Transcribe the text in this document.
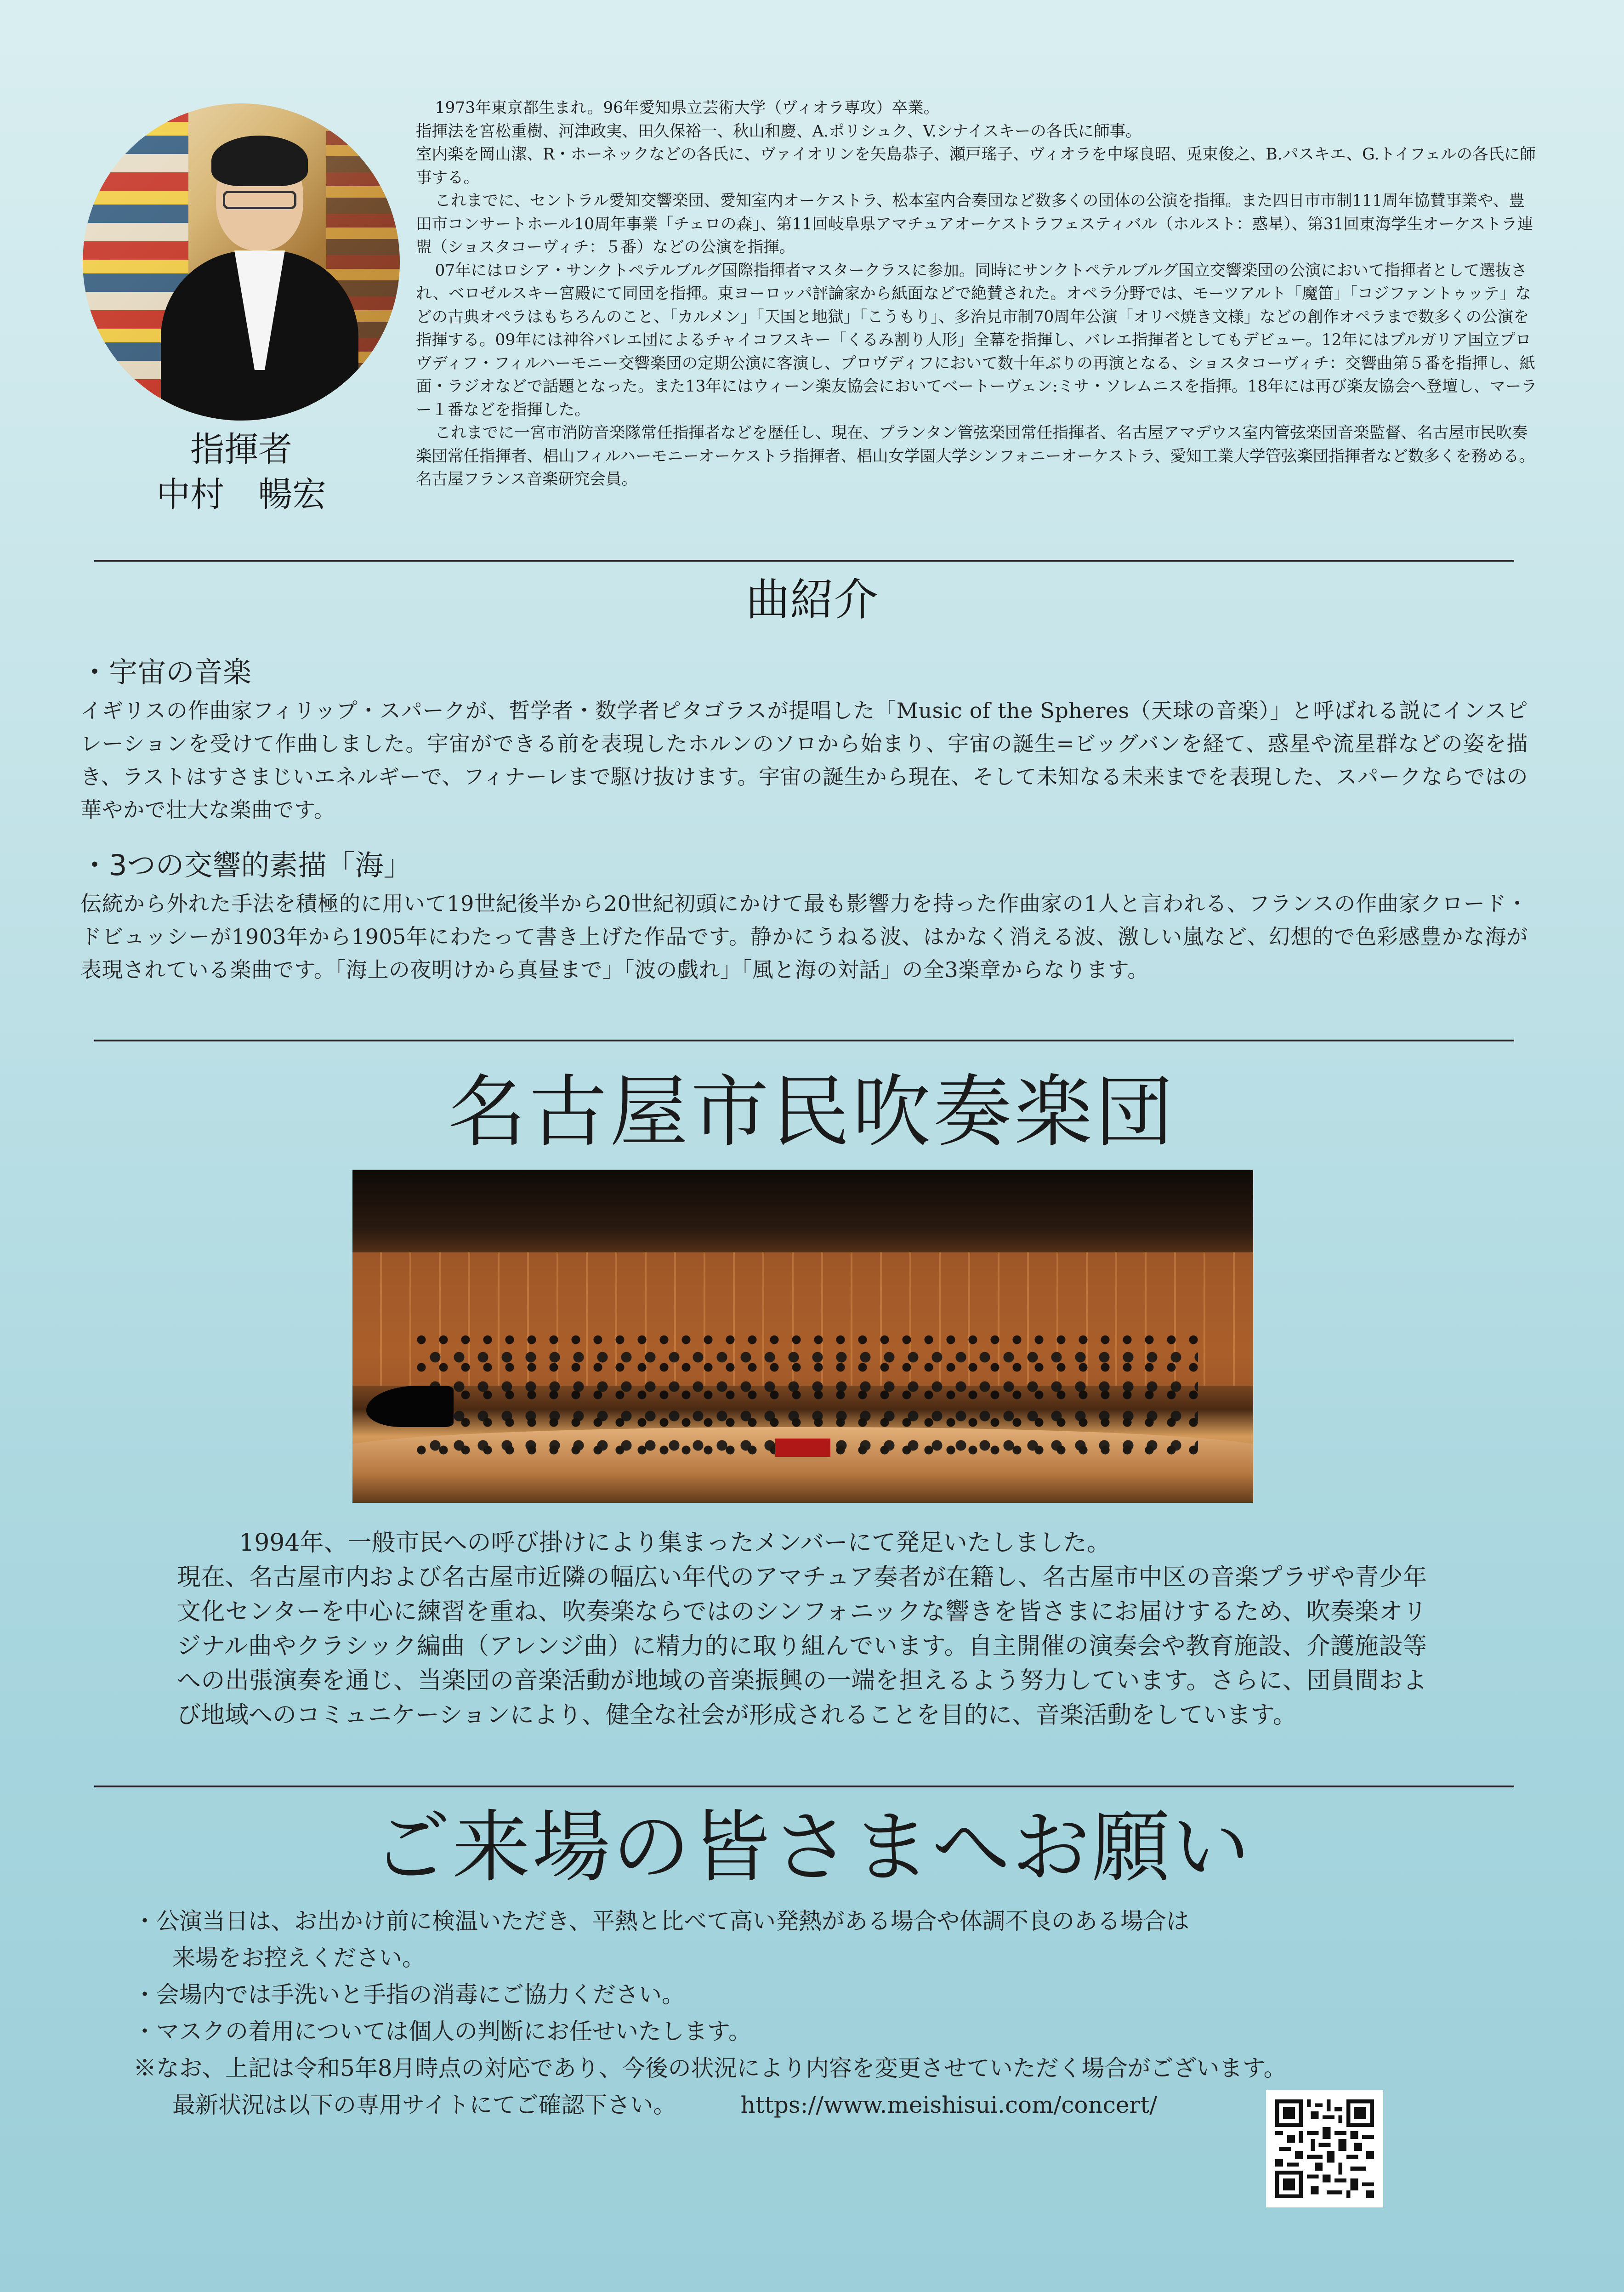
指揮者
中村　暢宏

1973年東京都生まれ。96年愛知県立芸術大学（ヴィオラ専攻）卒業。

指揮法を宮松重樹、河津政実、田久保裕一、秋山和慶、A.ポリシュク、V.シナイスキーの各氏に師事。

室内楽を岡山潔、R・ホーネックなどの各氏に、ヴァイオリンを矢島恭子、瀬戸瑤子、ヴィオラを中塚良昭、兎束俊之、B.パスキエ、G.トイフェルの各氏に師事する。

これまでに、セントラル愛知交響楽団、愛知室内オーケストラ、松本室内合奏団など数多くの団体の公演を指揮。また四日市市制111周年協賛事業や、豊田市コンサートホール10周年事業「チェロの森」、第11回岐阜県アマチュアオーケストラフェスティバル（ホルスト：惑星）、第31回東海学生オーケストラ連盟（ショスタコーヴィチ：５番）などの公演を指揮。

07年にはロシア・サンクトペテルブルグ国際指揮者マスタークラスに参加。同時にサンクトペテルブルグ国立交響楽団の公演において指揮者として選抜され、ベロゼルスキー宮殿にて同団を指揮。東ヨーロッパ評論家から紙面などで絶賛された。オペラ分野では、モーツアルト「魔笛」「コジファントゥッテ」などの古典オペラはもちろんのこと、「カルメン」「天国と地獄」「こうもり」、多治見市制70周年公演「オリベ焼き文様」などの創作オペラまで数多くの公演を指揮する。09年には神谷バレエ団によるチャイコフスキー「くるみ割り人形」全幕を指揮し、バレエ指揮者としてもデビュー。12年にはブルガリア国立プロヴディフ・フィルハーモニー交響楽団の定期公演に客演し、プロヴディフにおいて数十年ぶりの再演となる、ショスタコーヴィチ：交響曲第５番を指揮し、紙面・ラジオなどで話題となった。また13年にはウィーン楽友協会においてベートーヴェン:ミサ・ソレムニスを指揮。18年には再び楽友協会へ登壇し、マーラー１番などを指揮した。

これまでに一宮市消防音楽隊常任指揮者などを歴任し、現在、プランタン管弦楽団常任指揮者、名古屋アマデウス室内管弦楽団音楽監督、名古屋市民吹奏楽団常任指揮者、椙山フィルハーモニーオーケストラ指揮者、椙山女学園大学シンフォニーオーケストラ、愛知工業大学管弦楽団指揮者など数多くを務める。名古屋フランス音楽研究会員。

曲紹介
・宇宙の音楽

イギリスの作曲家フィリップ・スパークが、哲学者・数学者ピタゴラスが提唱した「Music of the Spheres（天球の音楽）」と呼ばれる説にインスピレーションを受けて作曲しました。宇宙ができる前を表現したホルンのソロから始まり、宇宙の誕生=ビッグバンを経て、惑星や流星群などの姿を描き、ラストはすさまじいエネルギーで、フィナーレまで駆け抜けます。宇宙の誕生から現在、そして未知なる未来までを表現した、スパークならではの華やかで壮大な楽曲です。

・3つの交響的素描「海」

伝統から外れた手法を積極的に用いて19世紀後半から20世紀初頭にかけて最も影響力を持った作曲家の1人と言われる、フランスの作曲家クロード・ドビュッシーが1903年から1905年にわたって書き上げた作品です。静かにうねる波、はかなく消える波、激しい嵐など、幻想的で色彩感豊かな海が表現されている楽曲です。「海上の夜明けから真昼まで」「波の戯れ」「風と海の対話」の全3楽章からなります。

名古屋市民吹奏楽団

1994年、一般市民への呼び掛けにより集まったメンバーにて発足いたしました。

現在、名古屋市内および名古屋市近隣の幅広い年代のアマチュア奏者が在籍し、名古屋市中区の音楽プラザや青少年文化センターを中心に練習を重ね、吹奏楽ならではのシンフォニックな響きを皆さまにお届けするため、吹奏楽オリジナル曲やクラシック編曲（アレンジ曲）に精力的に取り組んでいます。自主開催の演奏会や教育施設、介護施設等への出張演奏を通じ、当楽団の音楽活動が地域の音楽振興の一端を担えるよう努力しています。さらに、団員間および地域へのコミュニケーションにより、健全な社会が形成されることを目的に、音楽活動をしています。

ご来場の皆さまへお願い

・公演当日は、お出かけ前に検温いただき、平熱と比べて高い発熱がある場合や体調不良のある場合は

来場をお控えください。

・会場内では手洗いと手指の消毒にご協力ください。

・マスクの着用については個人の判断にお任せいたします。

※なお、上記は令和5年8月時点の対応であり、今後の状況により内容を変更させていただく場合がございます。

最新状況は以下の専用サイトにてご確認下さい。	https://www.meishisui.com/concert/
